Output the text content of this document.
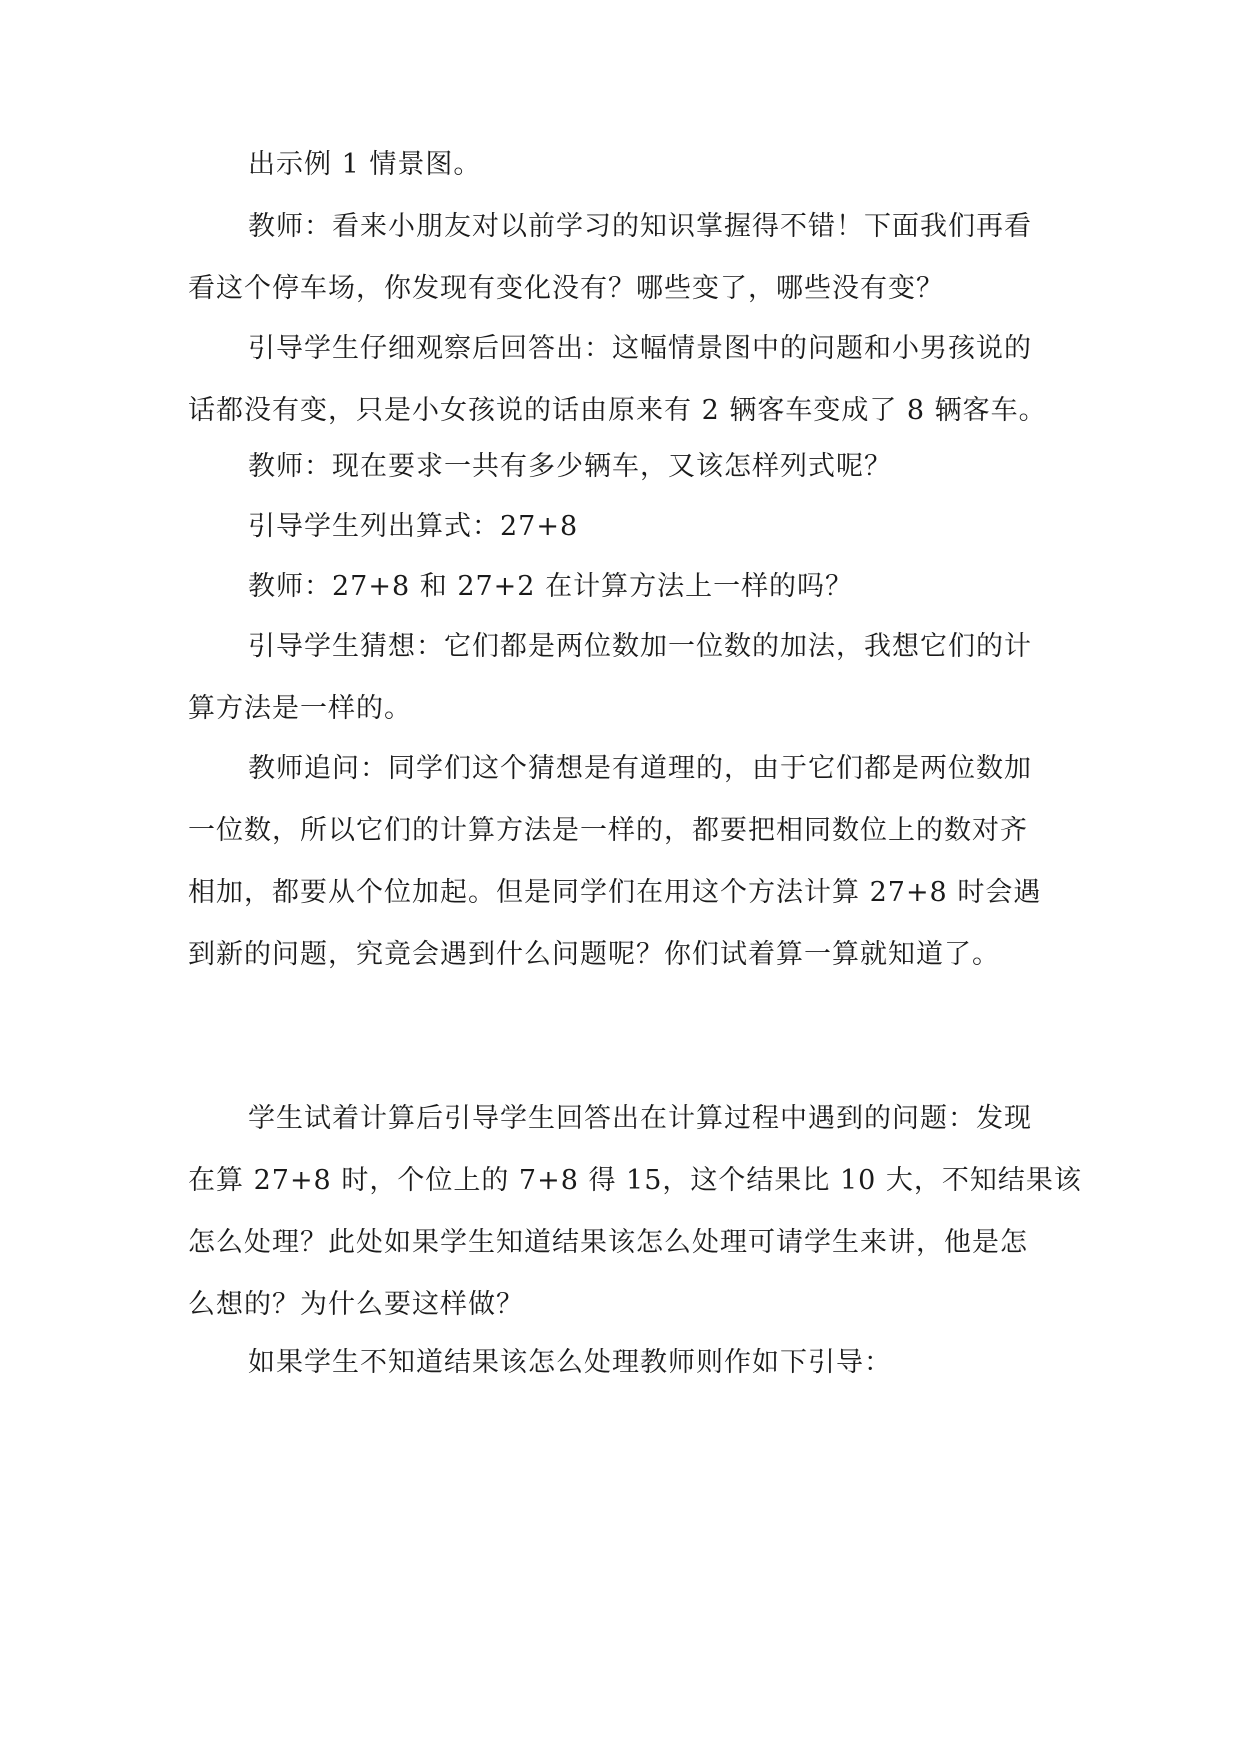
出示例 1 情景图。

教师：看来小朋友对以前学习的知识掌握得不错！下面我们再看
看这个停车场，你发现有变化没有？哪些变了，哪些没有变？

引导学生仔细观察后回答出：这幅情景图中的问题和小男孩说的
话都没有变，只是小女孩说的话由原来有 2 辆客车变成了 8 辆客车。

教师：现在要求一共有多少辆车，又该怎样列式呢？

引导学生列出算式：27+8

教师：27+8 和 27+2 在计算方法上一样的吗？

引导学生猜想：它们都是两位数加一位数的加法，我想它们的计
算方法是一样的。

教师追问：同学们这个猜想是有道理的，由于它们都是两位数加
一位数，所以它们的计算方法是一样的，都要把相同数位上的数对齐
相加，都要从个位加起。但是同学们在用这个方法计算 27+8 时会遇
到新的问题，究竟会遇到什么问题呢？你们试着算一算就知道了。

学生试着计算后引导学生回答出在计算过程中遇到的问题：发现
在算 27+8 时，个位上的 7+8 得 15，这个结果比 10 大，不知结果该
怎么处理？此处如果学生知道结果该怎么处理可请学生来讲，他是怎
么想的？为什么要这样做？

如果学生不知道结果该怎么处理教师则作如下引导：
